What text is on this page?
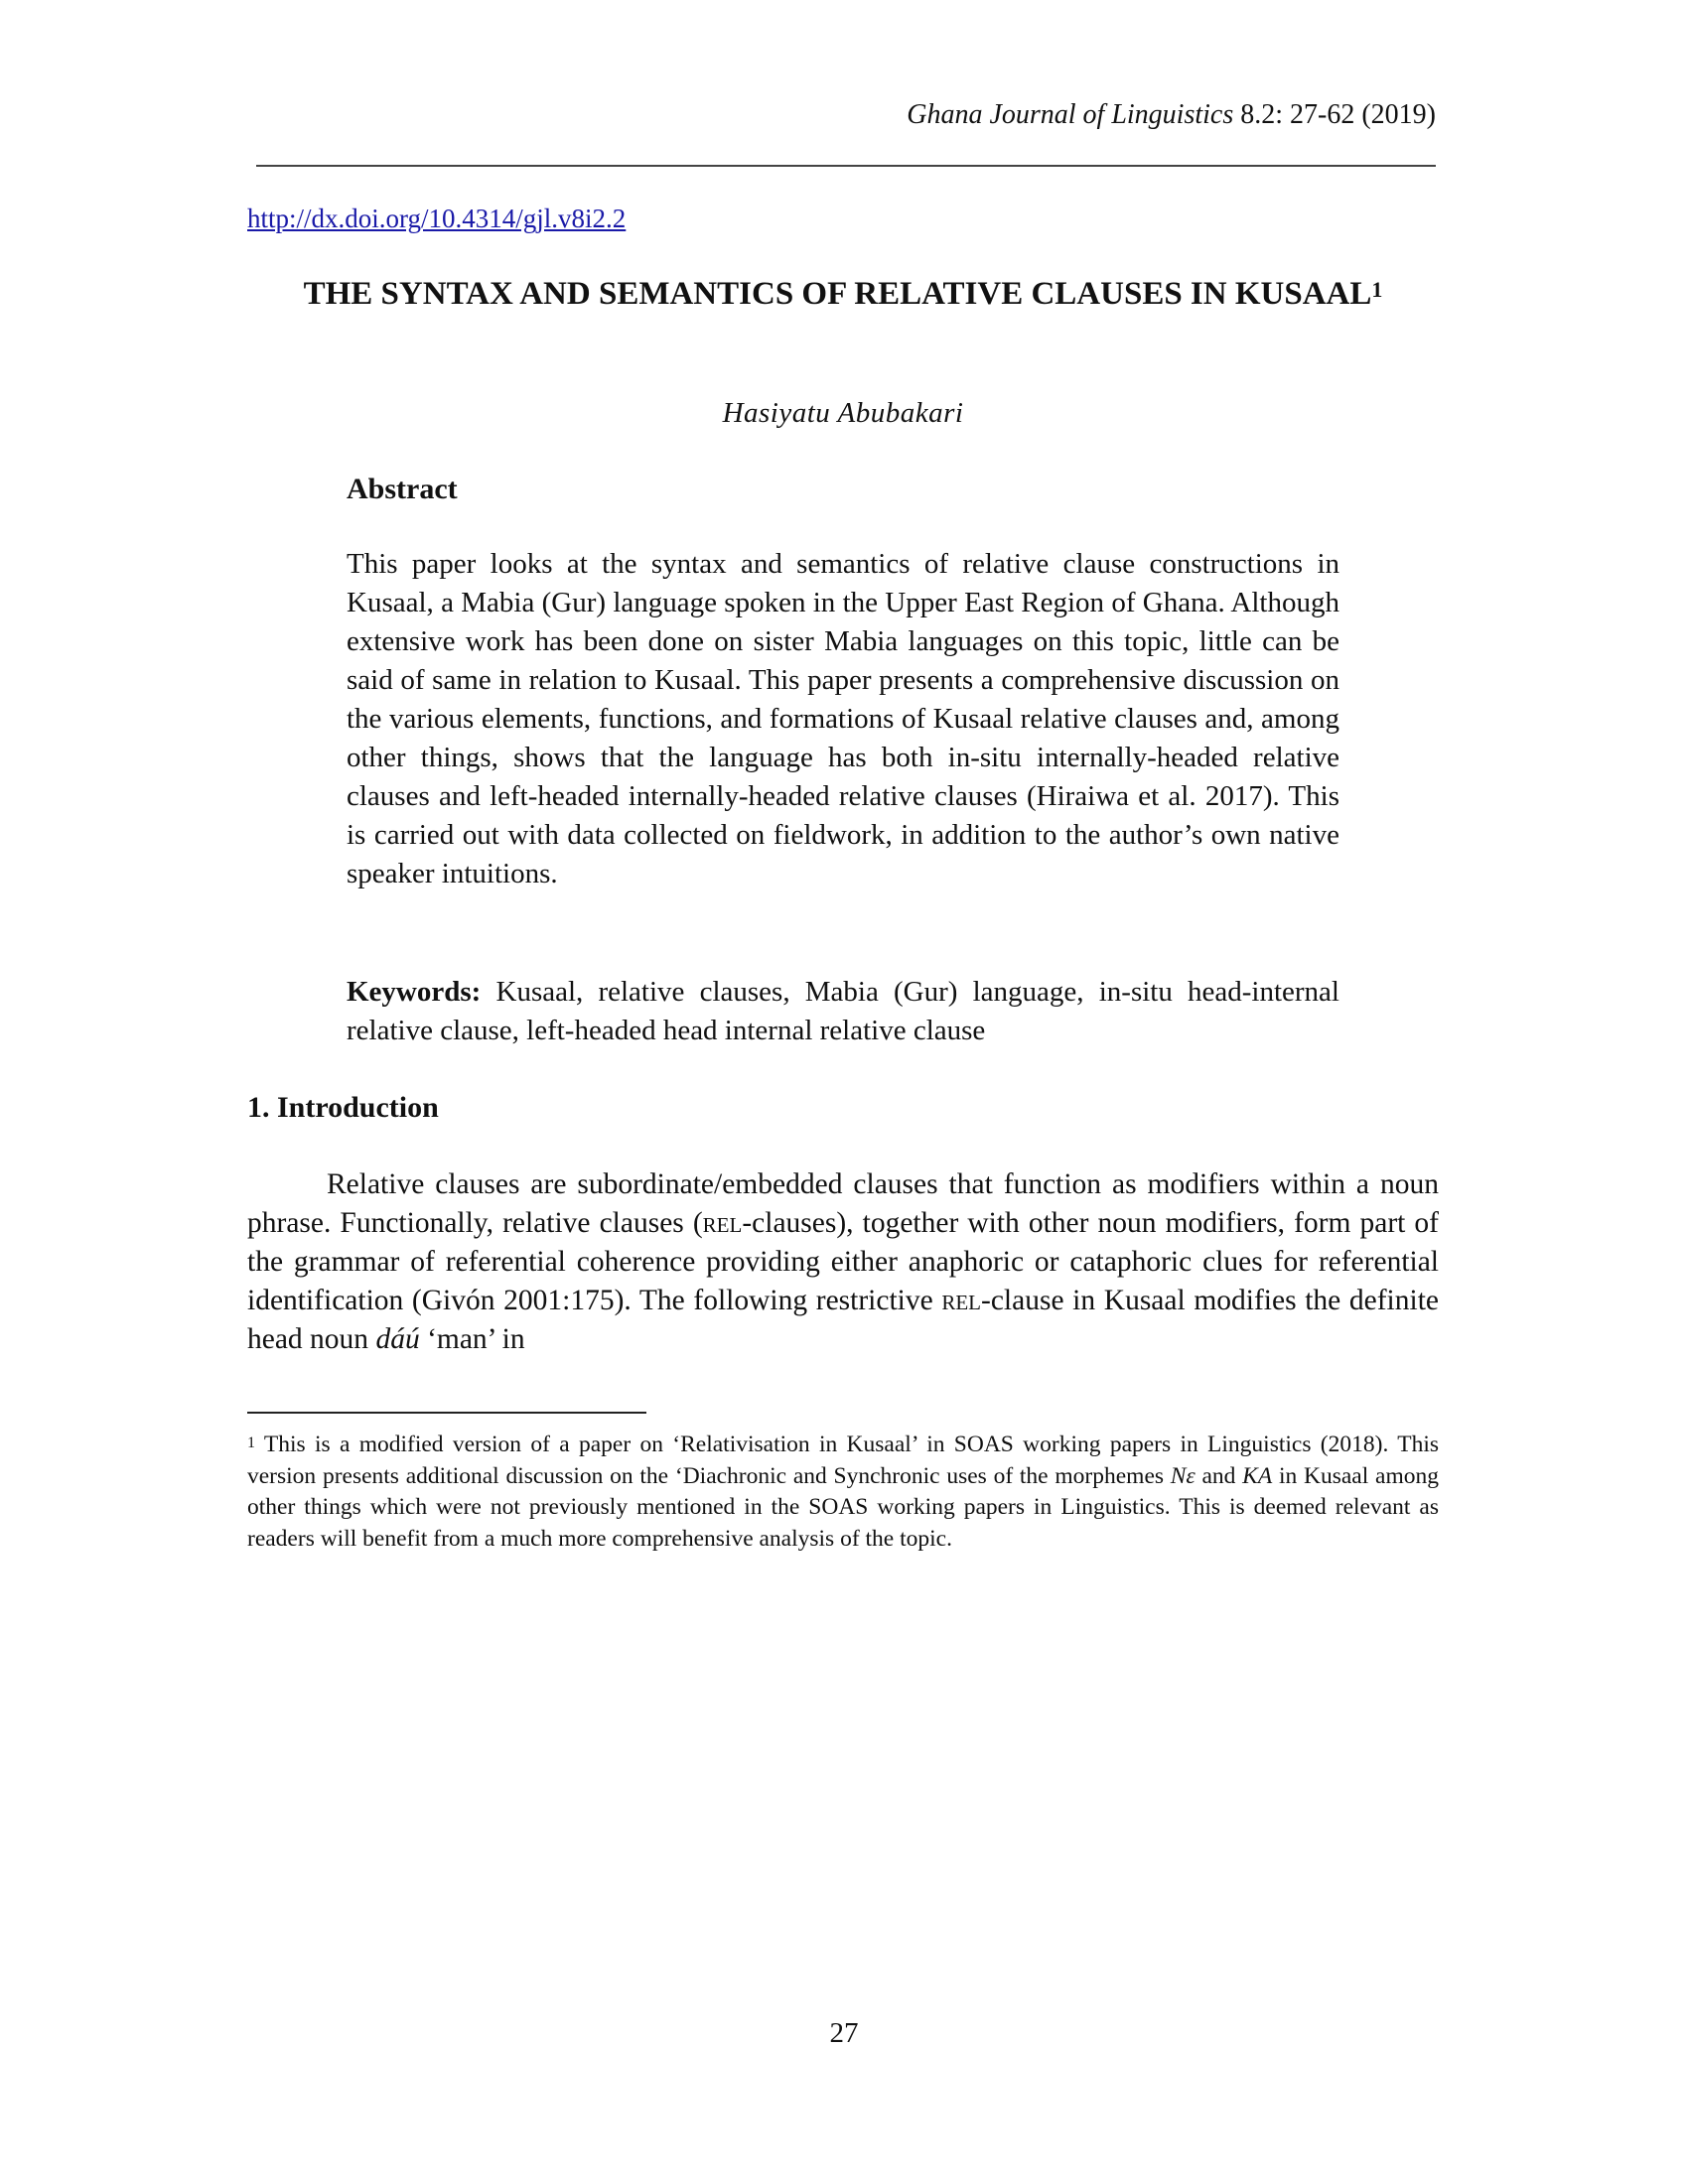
Ghana Journal of Linguistics 8.2: 27-62 (2019)
http://dx.doi.org/10.4314/gjl.v8i2.2
THE SYNTAX AND SEMANTICS OF RELATIVE CLAUSES IN KUSAAL$^1$
Hasiyatu Abubakari
Abstract
This paper looks at the syntax and semantics of relative clause constructions in Kusaal, a Mabia (Gur) language spoken in the Upper East Region of Ghana. Although extensive work has been done on sister Mabia languages on this topic, little can be said of same in relation to Kusaal. This paper presents a comprehensive discussion on the various elements, functions, and formations of Kusaal relative clauses and, among other things, shows that the language has both in-situ internally-headed relative clauses and left-headed internally-headed relative clauses (Hiraiwa et al. 2017). This is carried out with data collected on fieldwork, in addition to the author’s own native speaker intuitions.
Keywords: Kusaal, relative clauses, Mabia (Gur) language, in-situ head-internal relative clause, left-headed head internal relative clause
1. Introduction
Relative clauses are subordinate/embedded clauses that function as modifiers within a noun phrase. Functionally, relative clauses (rel-clauses), together with other noun modifiers, form part of the grammar of referential coherence providing either anaphoric or cataphoric clues for referential identification (Givón 2001:175). The following restrictive rel-clause in Kusaal modifies the definite head noun dáú ‘man’ in
$^1$ This is a modified version of a paper on ‘Relativisation in Kusaal’ in SOAS working papers in Linguistics (2018). This version presents additional discussion on the ‘Diachronic and Synchronic uses of the morphemes Nɛ and KA in Kusaal among other things which were not previously mentioned in the SOAS working papers in Linguistics. This is deemed relevant as readers will benefit from a much more comprehensive analysis of the topic.
27
